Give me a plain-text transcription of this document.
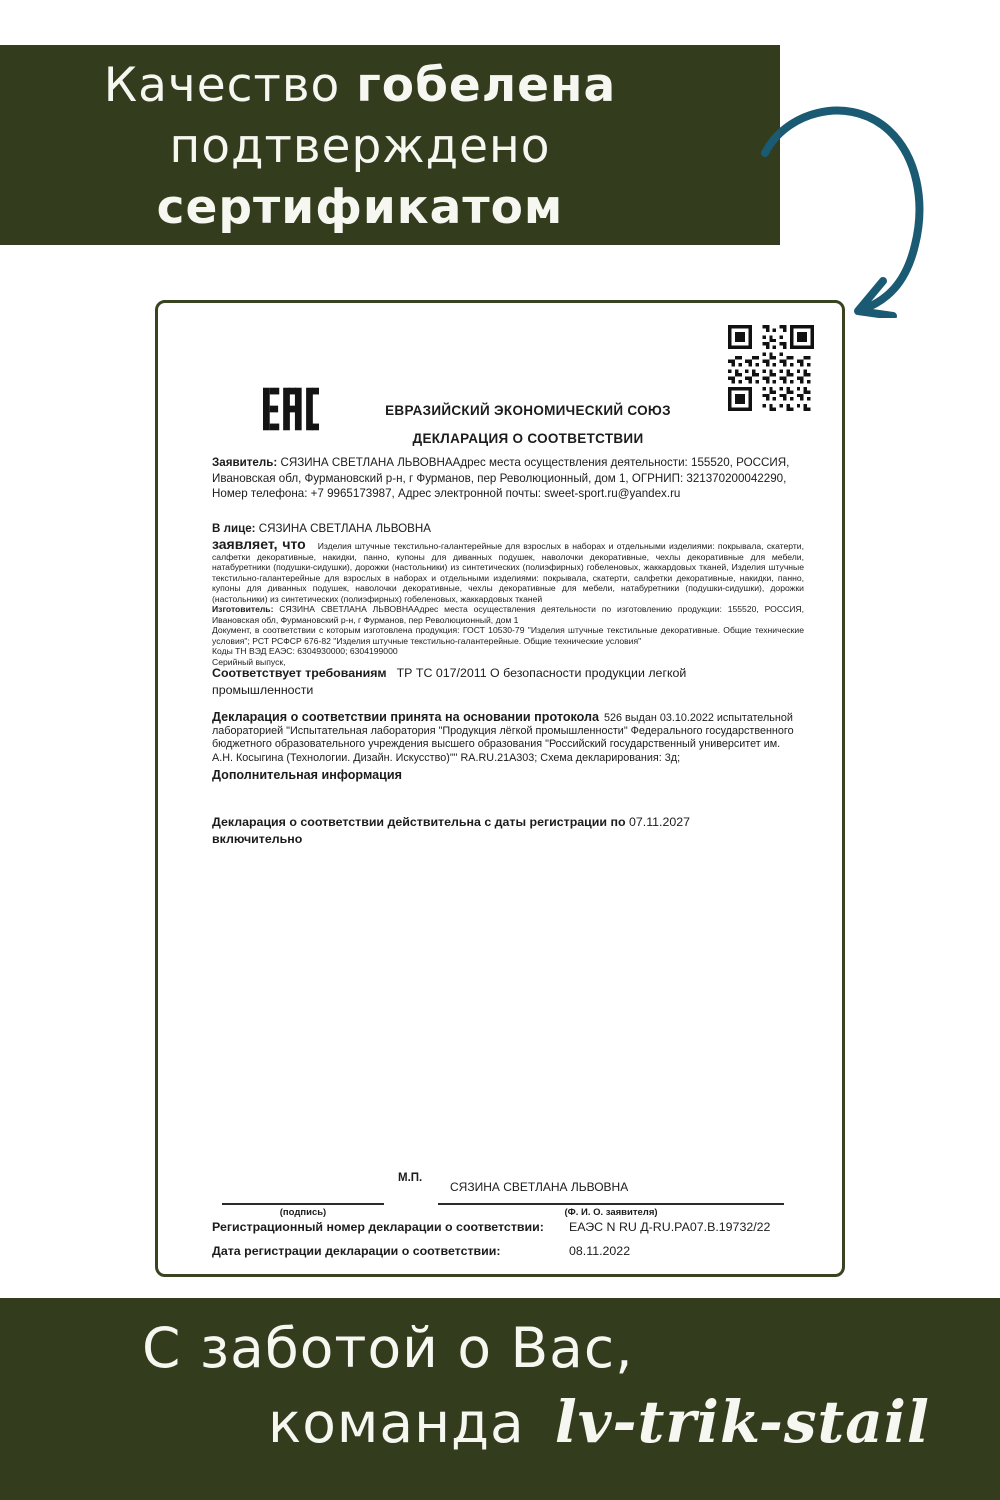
Качество гобелена
подтверждено
сертификатом
ЕВРАЗИЙСКИЙ ЭКОНОМИЧЕСКИЙ СОЮЗ
ДЕКЛАРАЦИЯ О СООТВЕТСТВИИ

Заявитель: СЯЗИНА СВЕТЛАНА ЛЬВОВНААдрес места осуществления деятельности: 155520, РОССИЯ, Ивановская обл, Фурмановский р-н, г Фурманов, пер Революционный, дом 1, ОГРНИП: 321370200042290, Номер телефона: +7 9965173987, Адрес электронной почты: sweet-sport.ru@yandex.ru

В лице: СЯЗИНА СВЕТЛАНА ЛЬВОВНА

заявляет, что Изделия штучные текстильно-галантерейные для взрослых в наборах и отдельными изделиями: покрывала, скатерти, салфетки декоративные, накидки, панно, купоны для диванных подушек, наволочки декоративные, чехлы декоративные для мебели, натабуретники (подушки-сидушки), дорожки (настольники) из синтетических (полиэфирных) гобеленовых, жаккардовых тканей, Изделия штучные текстильно-галантерейные для взрослых в наборах и отдельными изделиями: покрывала, скатерти, салфетки декоративные, накидки, панно, купоны для диванных подушек, наволочки декоративные, чехлы декоративные для мебели, натабуретники (подушки-сидушки), дорожки (настольники) из синтетических (полиэфирных) гобеленовых, жаккардовых тканей

Изготовитель: СЯЗИНА СВЕТЛАНА ЛЬВОВНААдрес места осуществления деятельности по изготовлению продукции: 155520, РОССИЯ, Ивановская обл, Фурмановский р-н, г Фурманов, пер Революционный, дом 1

Документ, в соответствии с которым изготовлена продукция: ГОСТ 10530-79 "Изделия штучные текстильные декоративные. Общие технические условия"; РСТ РСФСР 676-82 "Изделия штучные текстильно-галантерейные. Общие технические условия"

Коды ТН ВЭД ЕАЭС: 6304930000; 6304199000

Серийный выпуск,

Соответствует требованиям ТР ТС 017/2011 О безопасности продукции легкой промышленности

Декларация о соответствии принята на основании протокола 526 выдан 03.10.2022 испытательной лабораторией "Испытательная лаборатория "Продукция лёгкой промышленности" Федерального государственного бюджетного образовательного учреждения высшего образования "Российский государственный университет им. А.Н. Косыгина (Технологии. Дизайн. Искусство)"" RA.RU.21А303; Схема декларирования: 3д;

Дополнительная информация
Декларация о соответствии действительна с даты регистрации по 07.11.2027
включительно
М.П.
СЯЗИНА СВЕТЛАНА ЛЬВОВНА
(подпись)	(Ф. И. О. заявителя)
Регистрационный номер декларации о соответствии:	ЕАЭС N RU Д-RU.РА07.В.19732/22
Дата регистрации декларации о соответствии:	08.11.2022
С заботой о Вас,
команда lv-trik-stail
